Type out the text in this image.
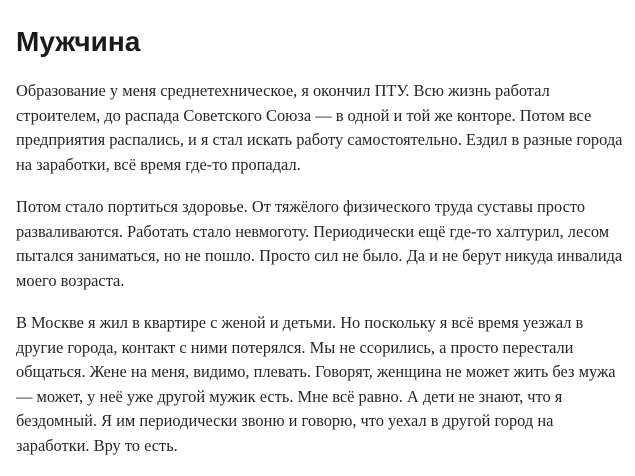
Мужчина

Образование у меня среднетехническое, я окончил ПТУ. Всю жизнь работал строителем, до распада Советского Союза — в одной и той же конторе. Потом все предприятия распались, и я стал искать работу самостоятельно. Ездил в разные города на заработки, всё время где-то пропадал.

Потом стало портиться здоровье. От тяжёлого физического труда суставы просто разваливаются. Работать стало невмоготу. Периодически ещё где-то халтурил, лесом пытался заниматься, но не пошло. Просто сил не было. Да и не берут никуда инвалида моего возраста.

В Москве я жил в квартире с женой и детьми. Но поскольку я всё время уезжал в другие города, контакт с ними потерялся. Мы не ссорились, а просто перестали общаться. Жене на меня, видимо, плевать. Говорят, женщина не может жить без мужа — может, у неё уже другой мужик есть. Мне всё равно. А дети не знают, что я бездомный. Я им периодически звоню и говорю, что уехал в другой город на заработки. Вру то есть.
